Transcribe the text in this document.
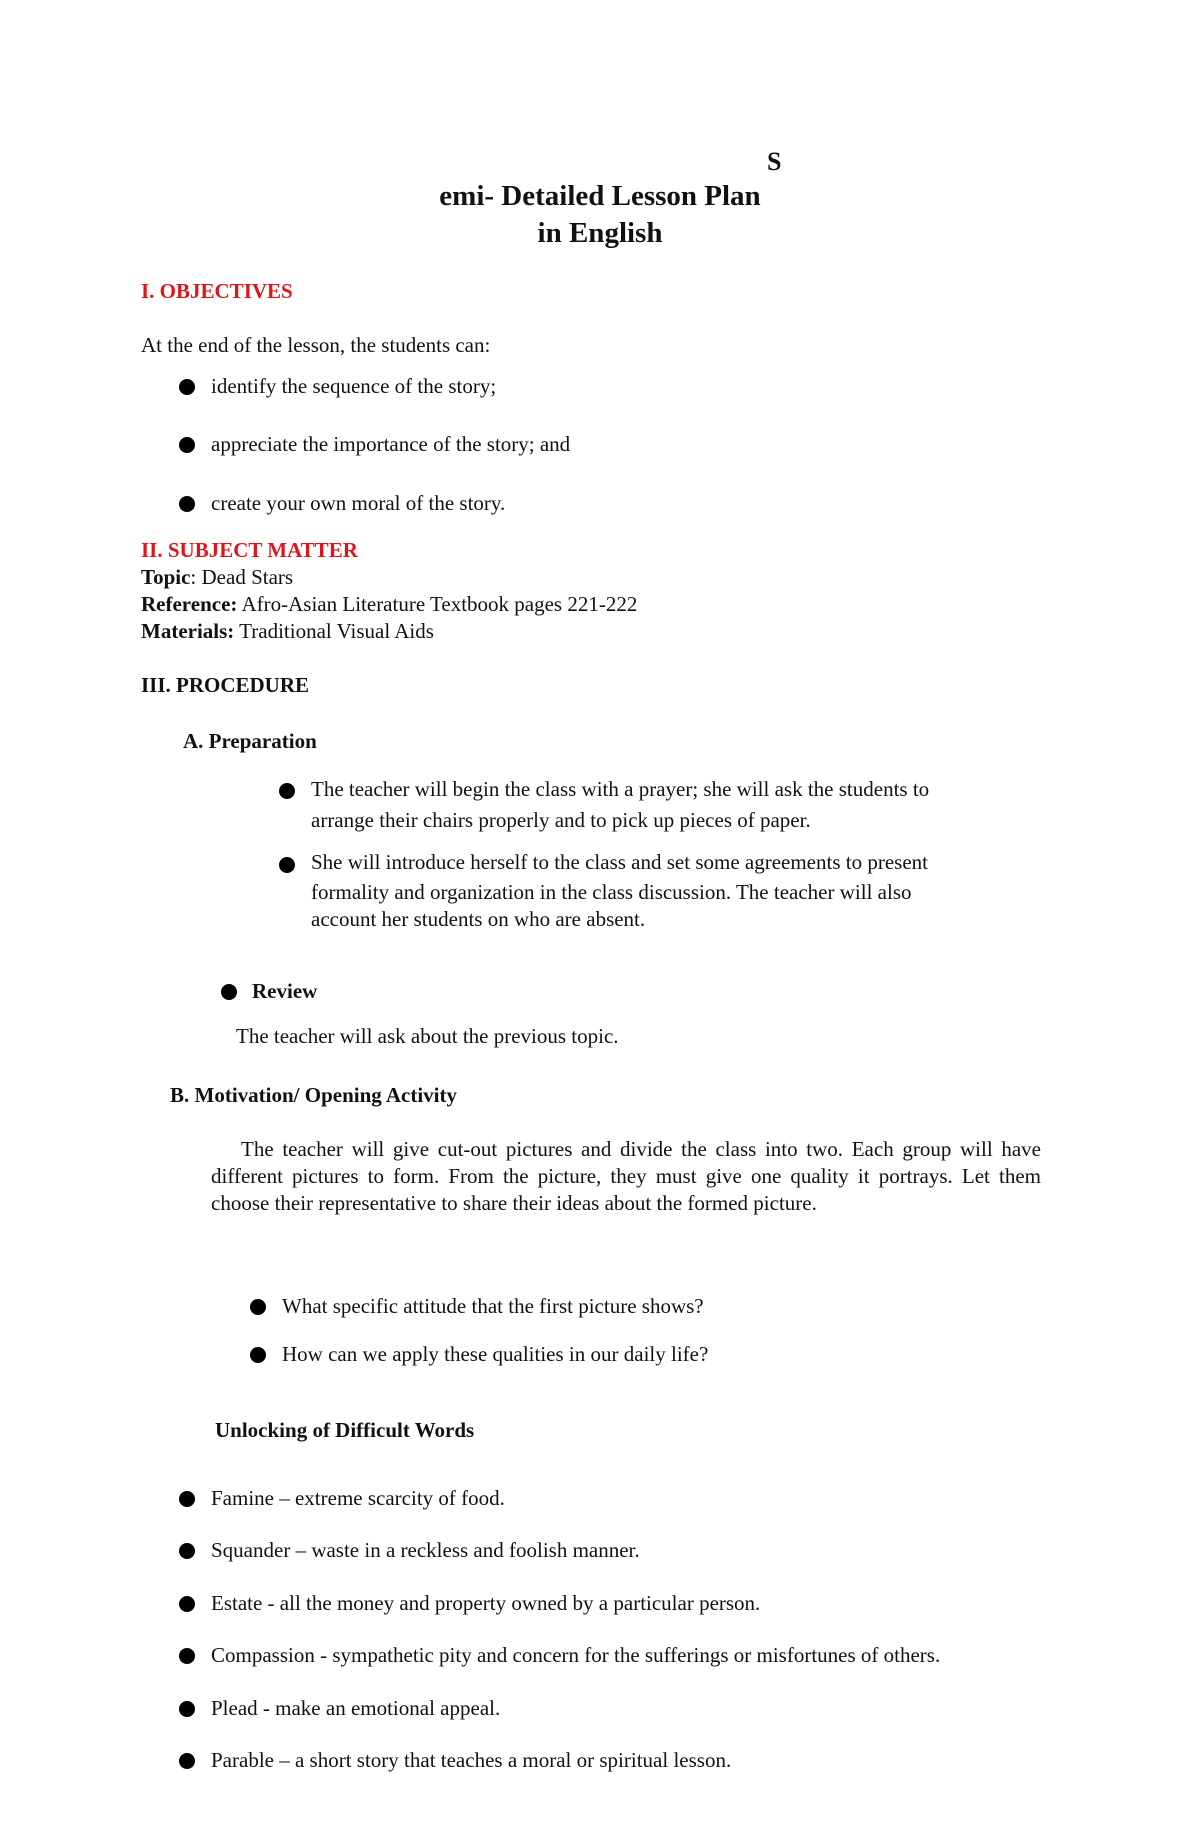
S
emi- Detailed Lesson Plan
in English
I. OBJECTIVES
At the end of the lesson, the students can:
identify the sequence of the story;
appreciate the importance of the story; and
create your own moral of the story.
II. SUBJECT MATTER
Topic: Dead Stars
Reference: Afro-Asian Literature Textbook pages 221-222
Materials: Traditional Visual Aids
III. PROCEDURE
A. Preparation
The teacher will begin the class with a prayer; she will ask the students to
arrange their chairs properly and to pick up pieces of paper.
She will introduce herself to the class and set some agreements to present
formality and organization in the class discussion. The teacher will also
account her students on who are absent.
Review
The teacher will ask about the previous topic.
B. Motivation/ Opening Activity
The teacher will give cut-out pictures and divide the class into two. Each group will have different pictures to form. From the picture, they must give one quality it portrays. Let them choose their representative to share their ideas about the formed picture.
What specific attitude that the first picture shows?
How can we apply these qualities in our daily life?
Unlocking of Difficult Words
Famine – extreme scarcity of food.
Squander – waste in a reckless and foolish manner.
Estate - all the money and property owned by a particular person.
Compassion - sympathetic pity and concern for the sufferings or misfortunes of others.
Plead - make an emotional appeal.
Parable – a short story that teaches a moral or spiritual lesson.
